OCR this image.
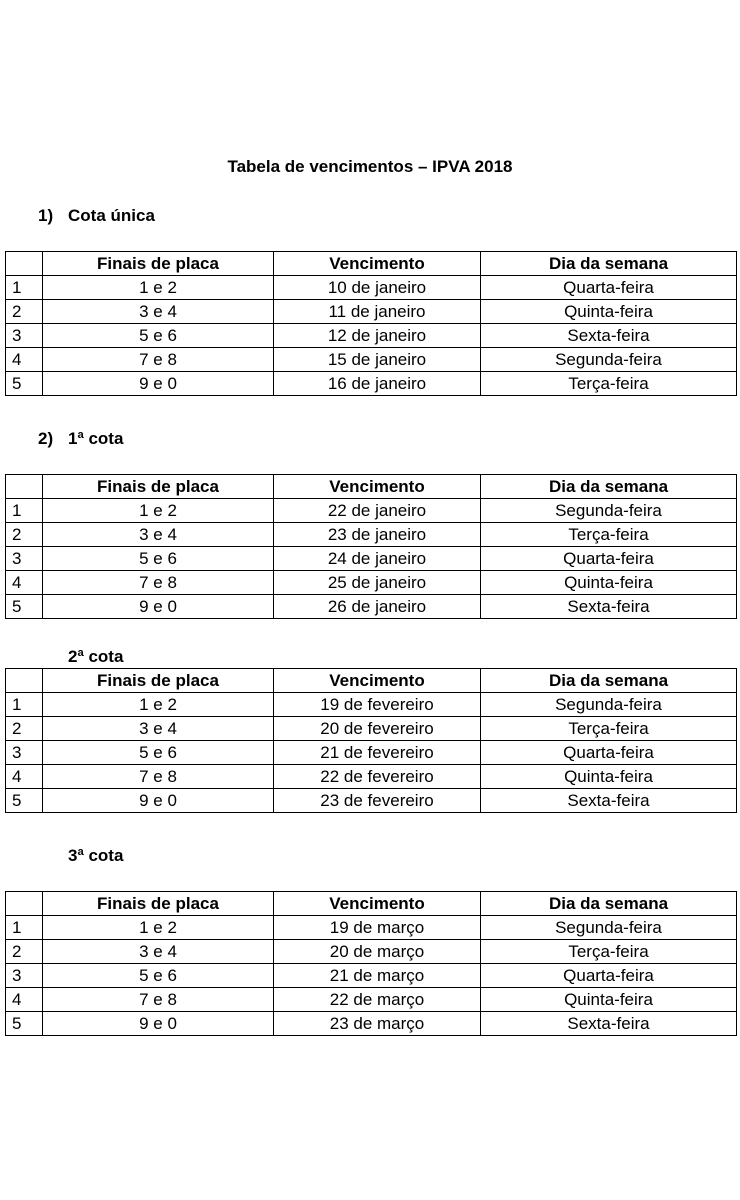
Tabela de vencimentos – IPVA 2018
1) Cota única
	Finais de placa	Vencimento	Dia da semana
1	1 e 2	10 de janeiro	Quarta-feira
2	3 e 4	11 de janeiro	Quinta-feira
3	5 e 6	12 de janeiro	Sexta-feira
4	7 e 8	15 de janeiro	Segunda-feira
5	9 e 0	16 de janeiro	Terça-feira
2) 1ª cota
	Finais de placa	Vencimento	Dia da semana
1	1 e 2	22 de janeiro	Segunda-feira
2	3 e 4	23 de janeiro	Terça-feira
3	5 e 6	24 de janeiro	Quarta-feira
4	7 e 8	25 de janeiro	Quinta-feira
5	9 e 0	26 de janeiro	Sexta-feira
2ª cota
	Finais de placa	Vencimento	Dia da semana
1	1 e 2	19 de fevereiro	Segunda-feira
2	3 e 4	20 de fevereiro	Terça-feira
3	5 e 6	21 de fevereiro	Quarta-feira
4	7 e 8	22 de fevereiro	Quinta-feira
5	9 e 0	23 de fevereiro	Sexta-feira
3ª cota
	Finais de placa	Vencimento	Dia da semana
1	1 e 2	19 de março	Segunda-feira
2	3 e 4	20 de março	Terça-feira
3	5 e 6	21 de março	Quarta-feira
4	7 e 8	22 de março	Quinta-feira
5	9 e 0	23 de março	Sexta-feira
